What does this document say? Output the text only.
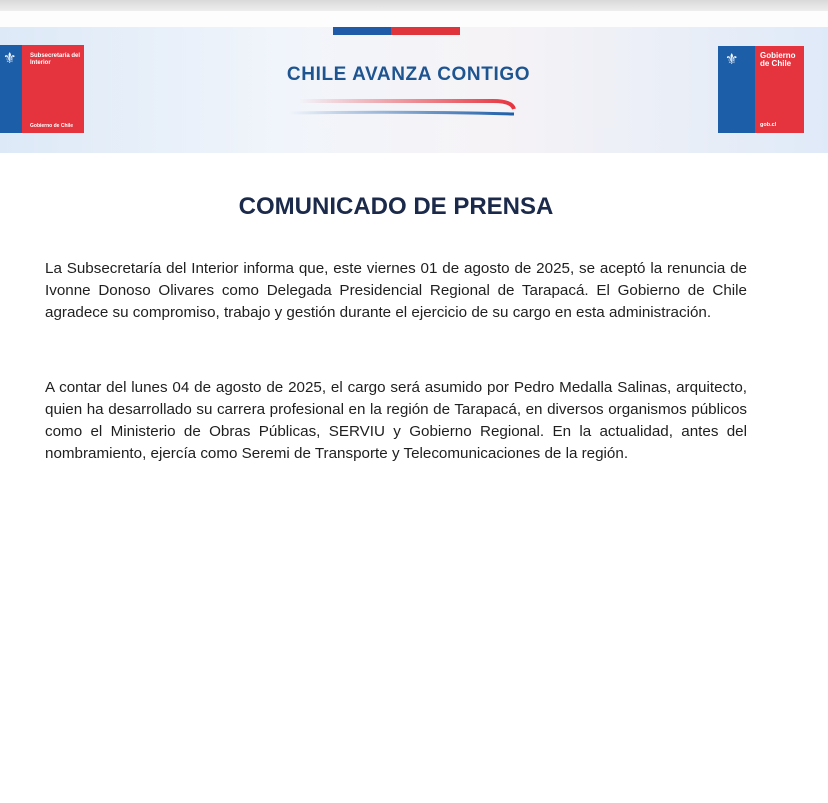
⚜ Subsecretaría del Interior
Gobierno de Chile
CHILE AVANZA CONTIGO
⚜	Gobierno de Chile
gob.cl
COMUNICADO DE PRENSA

La Subsecretaría del Interior informa que, este viernes 01 de agosto de 2025, se aceptó la renuncia de Ivonne Donoso Olivares como Delegada Presidencial Regional de Tarapacá. El Gobierno de Chile agradece su compromiso, trabajo y gestión durante el ejercicio de su cargo en esta administración.

A contar del lunes 04 de agosto de 2025, el cargo será asumido por Pedro Medalla Salinas, arquitecto, quien ha desarrollado su carrera profesional en la región de Tarapacá, en diversos organismos públicos como el Ministerio de Obras Públicas, SERVIU y Gobierno Regional. En la actualidad, antes del nombramiento, ejercía como Seremi de Transporte y Telecomunicaciones de la región.
